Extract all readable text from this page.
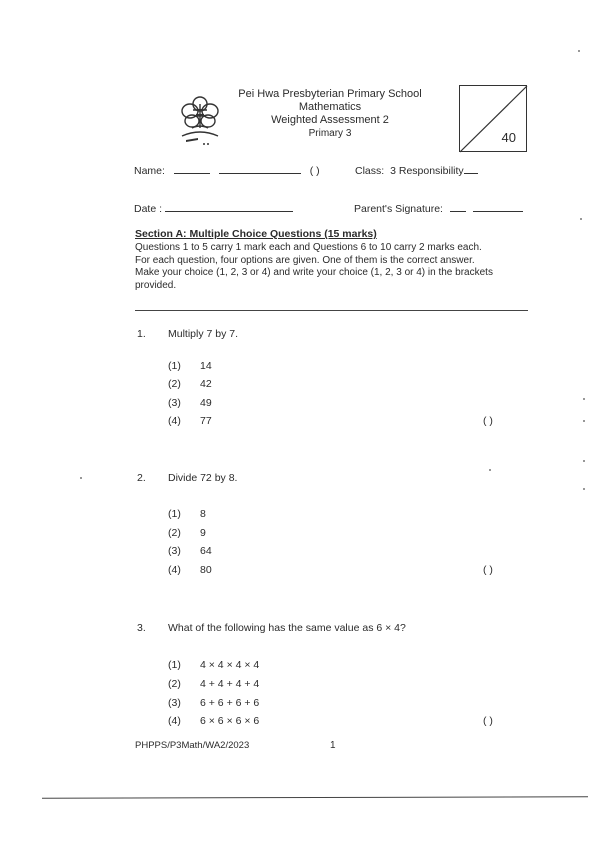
Pei Hwa Presbyterian Primary School
Mathematics
Weighted Assessment 2
Primary 3	40
Name:	( )	Class: 3 Responsibility
Date :	Parent's Signature:
Section A: Multiple Choice Questions (15 marks)
Questions 1 to 5 carry 1 mark each and Questions 6 to 10 carry 2 marks each.
For each question, four options are given. One of them is the correct answer.
Make your choice (1, 2, 3 or 4) and write your choice (1, 2, 3 or 4) in the brackets
provided.
1.	Multiply 7 by 7.
(1) 14
(2) 42
(3) 49
(4) 77	( )
2.	Divide 72 by 8.
(1) 8
(2) 9
(3) 64
(4) 80	( )
3.	What of the following has the same value as 6 × 4?
(1) 4 × 4 × 4 × 4
(2) 4 + 4 + 4 + 4
(3) 6 + 6 + 6 + 6
(4) 6 × 6 × 6 × 6	( )
PHPPS/P3Math/WA2/2023	1
